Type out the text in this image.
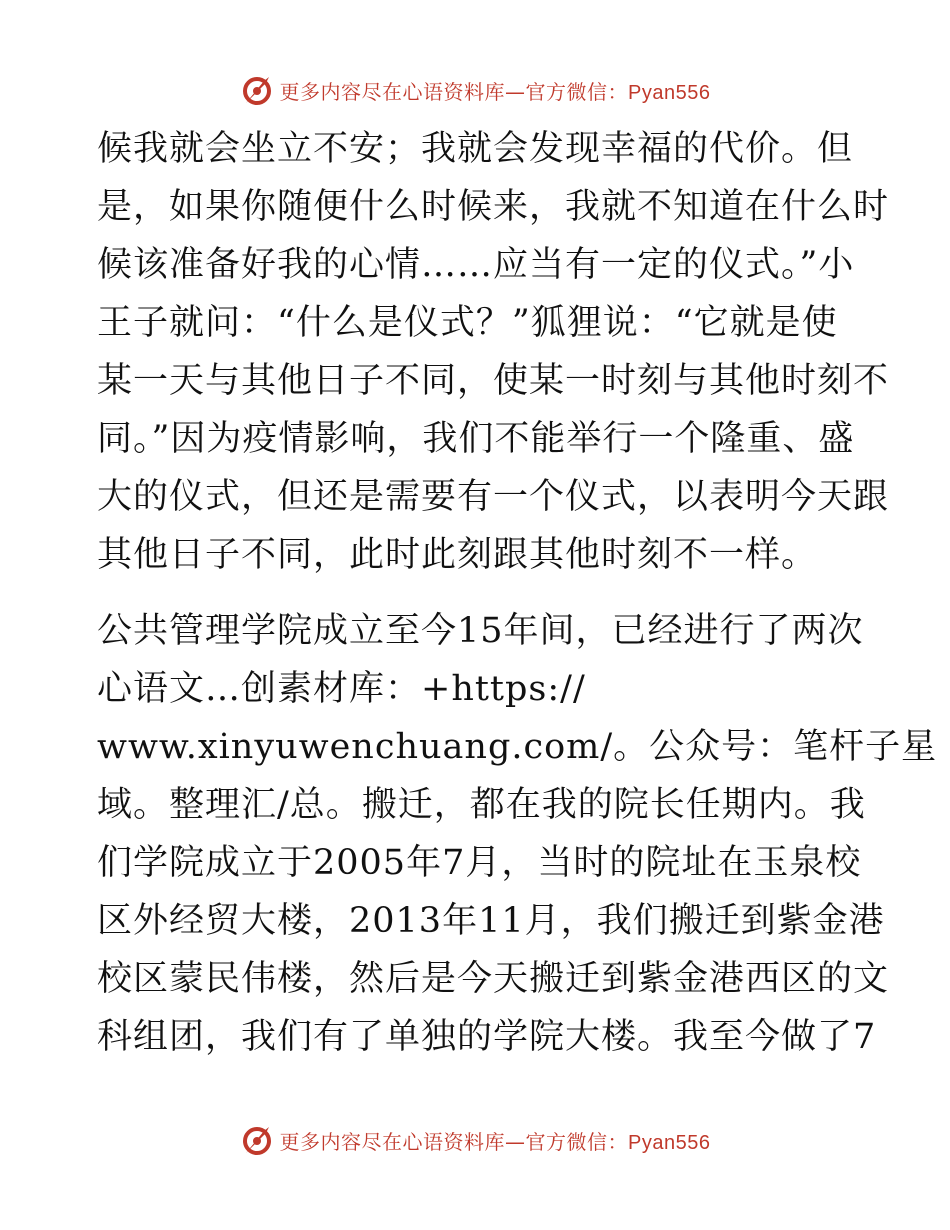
更多内容尽在心语资料库—官方微信：Pyan556
候我就会坐立不安；我就会发现幸福的代价。但
是，如果你随便什么时候来，我就不知道在什么时
候该准备好我的心情……应当有一定的仪式。”小
王子就问：“什么是仪式？”狐狸说：“它就是使
某一天与其他日子不同，使某一时刻与其他时刻不
同。”因为疫情影响，我们不能举行一个隆重、盛
大的仪式，但还是需要有一个仪式，以表明今天跟
其他日子不同，此时此刻跟其他时刻不一样。
公共管理学院成立至今15年间，已经进行了两次
心语文…创素材库：+https://
www.xinyuwenchuang.com/。公众号：笔杆子星
域。整理汇/总。搬迁，都在我的院长任期内。我
们学院成立于2005年7月，当时的院址在玉泉校
区外经贸大楼，2013年11月，我们搬迁到紫金港
校区蒙民伟楼，然后是今天搬迁到紫金港西区的文
科组团，我们有了单独的学院大楼。我至今做了7
更多内容尽在心语资料库—官方微信：Pyan556
